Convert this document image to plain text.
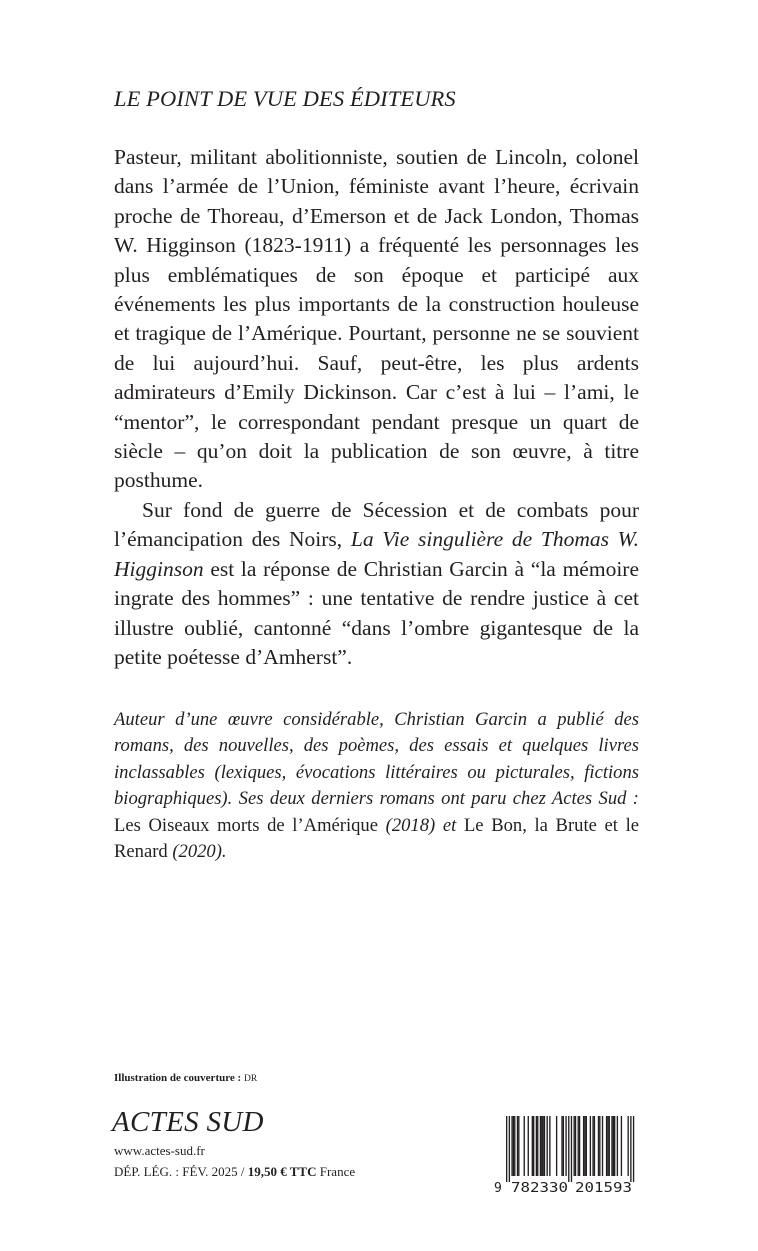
LE POINT DE VUE DES ÉDITEURS

Pasteur, militant abolitionniste, soutien de Lincoln, colonel dans l’armée de l’Union, féministe avant l’heure, écrivain proche de Thoreau, d’Emerson et de Jack London, Thomas W. Higginson (1823-1911) a fréquenté les personnages les plus emblématiques de son époque et participé aux événements les plus importants de la construction houleuse et tragique de l’Amérique. Pourtant, personne ne se souvient de lui aujourd’hui. Sauf, peut-être, les plus ardents admirateurs d’Emily Dickinson. Car c’est à lui – l’ami, le “mentor”, le correspondant pendant presque un quart de siècle – qu’on doit la publication de son œuvre, à titre posthume.

Sur fond de guerre de Sécession et de combats pour l’émancipation des Noirs, La Vie singulière de Thomas W. Higginson est la réponse de Christian Garcin à “la mémoire ingrate des hommes” : une tentative de rendre justice à cet illustre oublié, cantonné “dans l’ombre gigantesque de la petite poétesse d’Amherst”.

Auteur d’une œuvre considérable, Christian Garcin a publié des romans, des nouvelles, des poèmes, des essais et quelques livres inclassables (lexiques, évocations littéraires ou picturales, fictions biographiques). Ses deux derniers romans ont paru chez Actes Sud : Les Oiseaux morts de l’Amérique (2018) et Le Bon, la Brute et le Renard (2020).
Illustration de couverture : DR
ACTES SUD
www.actes-sud.fr
DÉP. LÉG. : FÉV. 2025 / 19,50 € TTC France
9 782330 201593
